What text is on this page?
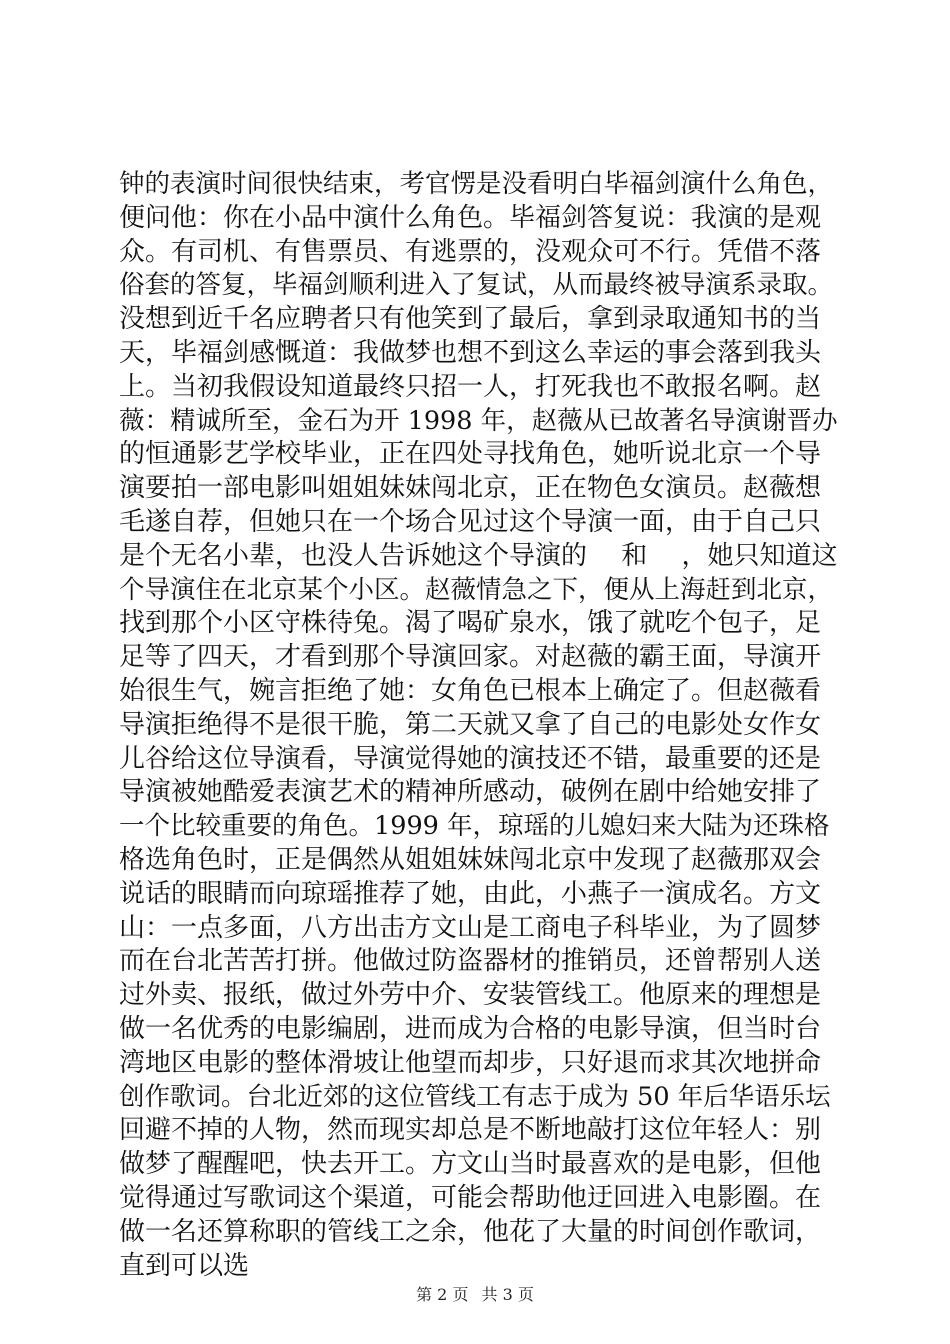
钟的表演时间很快结束，考官愣是没看明白毕福剑演什么角色，
便问他：你在小品中演什么角色。毕福剑答复说：我演的是观
众。有司机、有售票员、有逃票的，没观众可不行。凭借不落
俗套的答复，毕福剑顺利进入了复试，从而最终被导演系录取。
没想到近千名应聘者只有他笑到了最后，拿到录取通知书的当
天，毕福剑感慨道：我做梦也想不到这么幸运的事会落到我头
上。当初我假设知道最终只招一人，打死我也不敢报名啊。赵
薇：精诚所至，金石为开 1998 年，赵薇从已故著名导演谢晋办
的恒通影艺学校毕业，正在四处寻找角色，她听说北京一个导
演要拍一部电影叫姐姐妹妹闯北京，正在物色女演员。赵薇想
毛遂自荐，但她只在一个场合见过这个导演一面，由于自己只
是个无名小辈，也没人告诉她这个导演的　 和　 ，她只知道这
个导演住在北京某个小区。赵薇情急之下，便从上海赶到北京，
找到那个小区守株待兔。渴了喝矿泉水，饿了就吃个包子，足
足等了四天，才看到那个导演回家。对赵薇的霸王面，导演开
始很生气，婉言拒绝了她：女角色已根本上确定了。但赵薇看
导演拒绝得不是很干脆，第二天就又拿了自己的电影处女作女
儿谷给这位导演看，导演觉得她的演技还不错，最重要的还是
导演被她酷爱表演艺术的精神所感动，破例在剧中给她安排了
一个比较重要的角色。1999 年，琼瑶的儿媳妇来大陆为还珠格
格选角色时，正是偶然从姐姐妹妹闯北京中发现了赵薇那双会
说话的眼睛而向琼瑶推荐了她，由此，小燕子一演成名。方文
山：一点多面，八方出击方文山是工商电子科毕业，为了圆梦
而在台北苦苦打拼。他做过防盗器材的推销员，还曾帮别人送
过外卖、报纸，做过外劳中介、安装管线工。他原来的理想是
做一名优秀的电影编剧，进而成为合格的电影导演，但当时台
湾地区电影的整体滑坡让他望而却步，只好退而求其次地拼命
创作歌词。台北近郊的这位管线工有志于成为 50 年后华语乐坛
回避不掉的人物，然而现实却总是不断地敲打这位年轻人：别
做梦了醒醒吧，快去开工。方文山当时最喜欢的是电影，但他
觉得通过写歌词这个渠道，可能会帮助他迂回进入电影圈。在
做一名还算称职的管线工之余，他花了大量的时间创作歌词，
直到可以选
第 2 页 共 3 页
